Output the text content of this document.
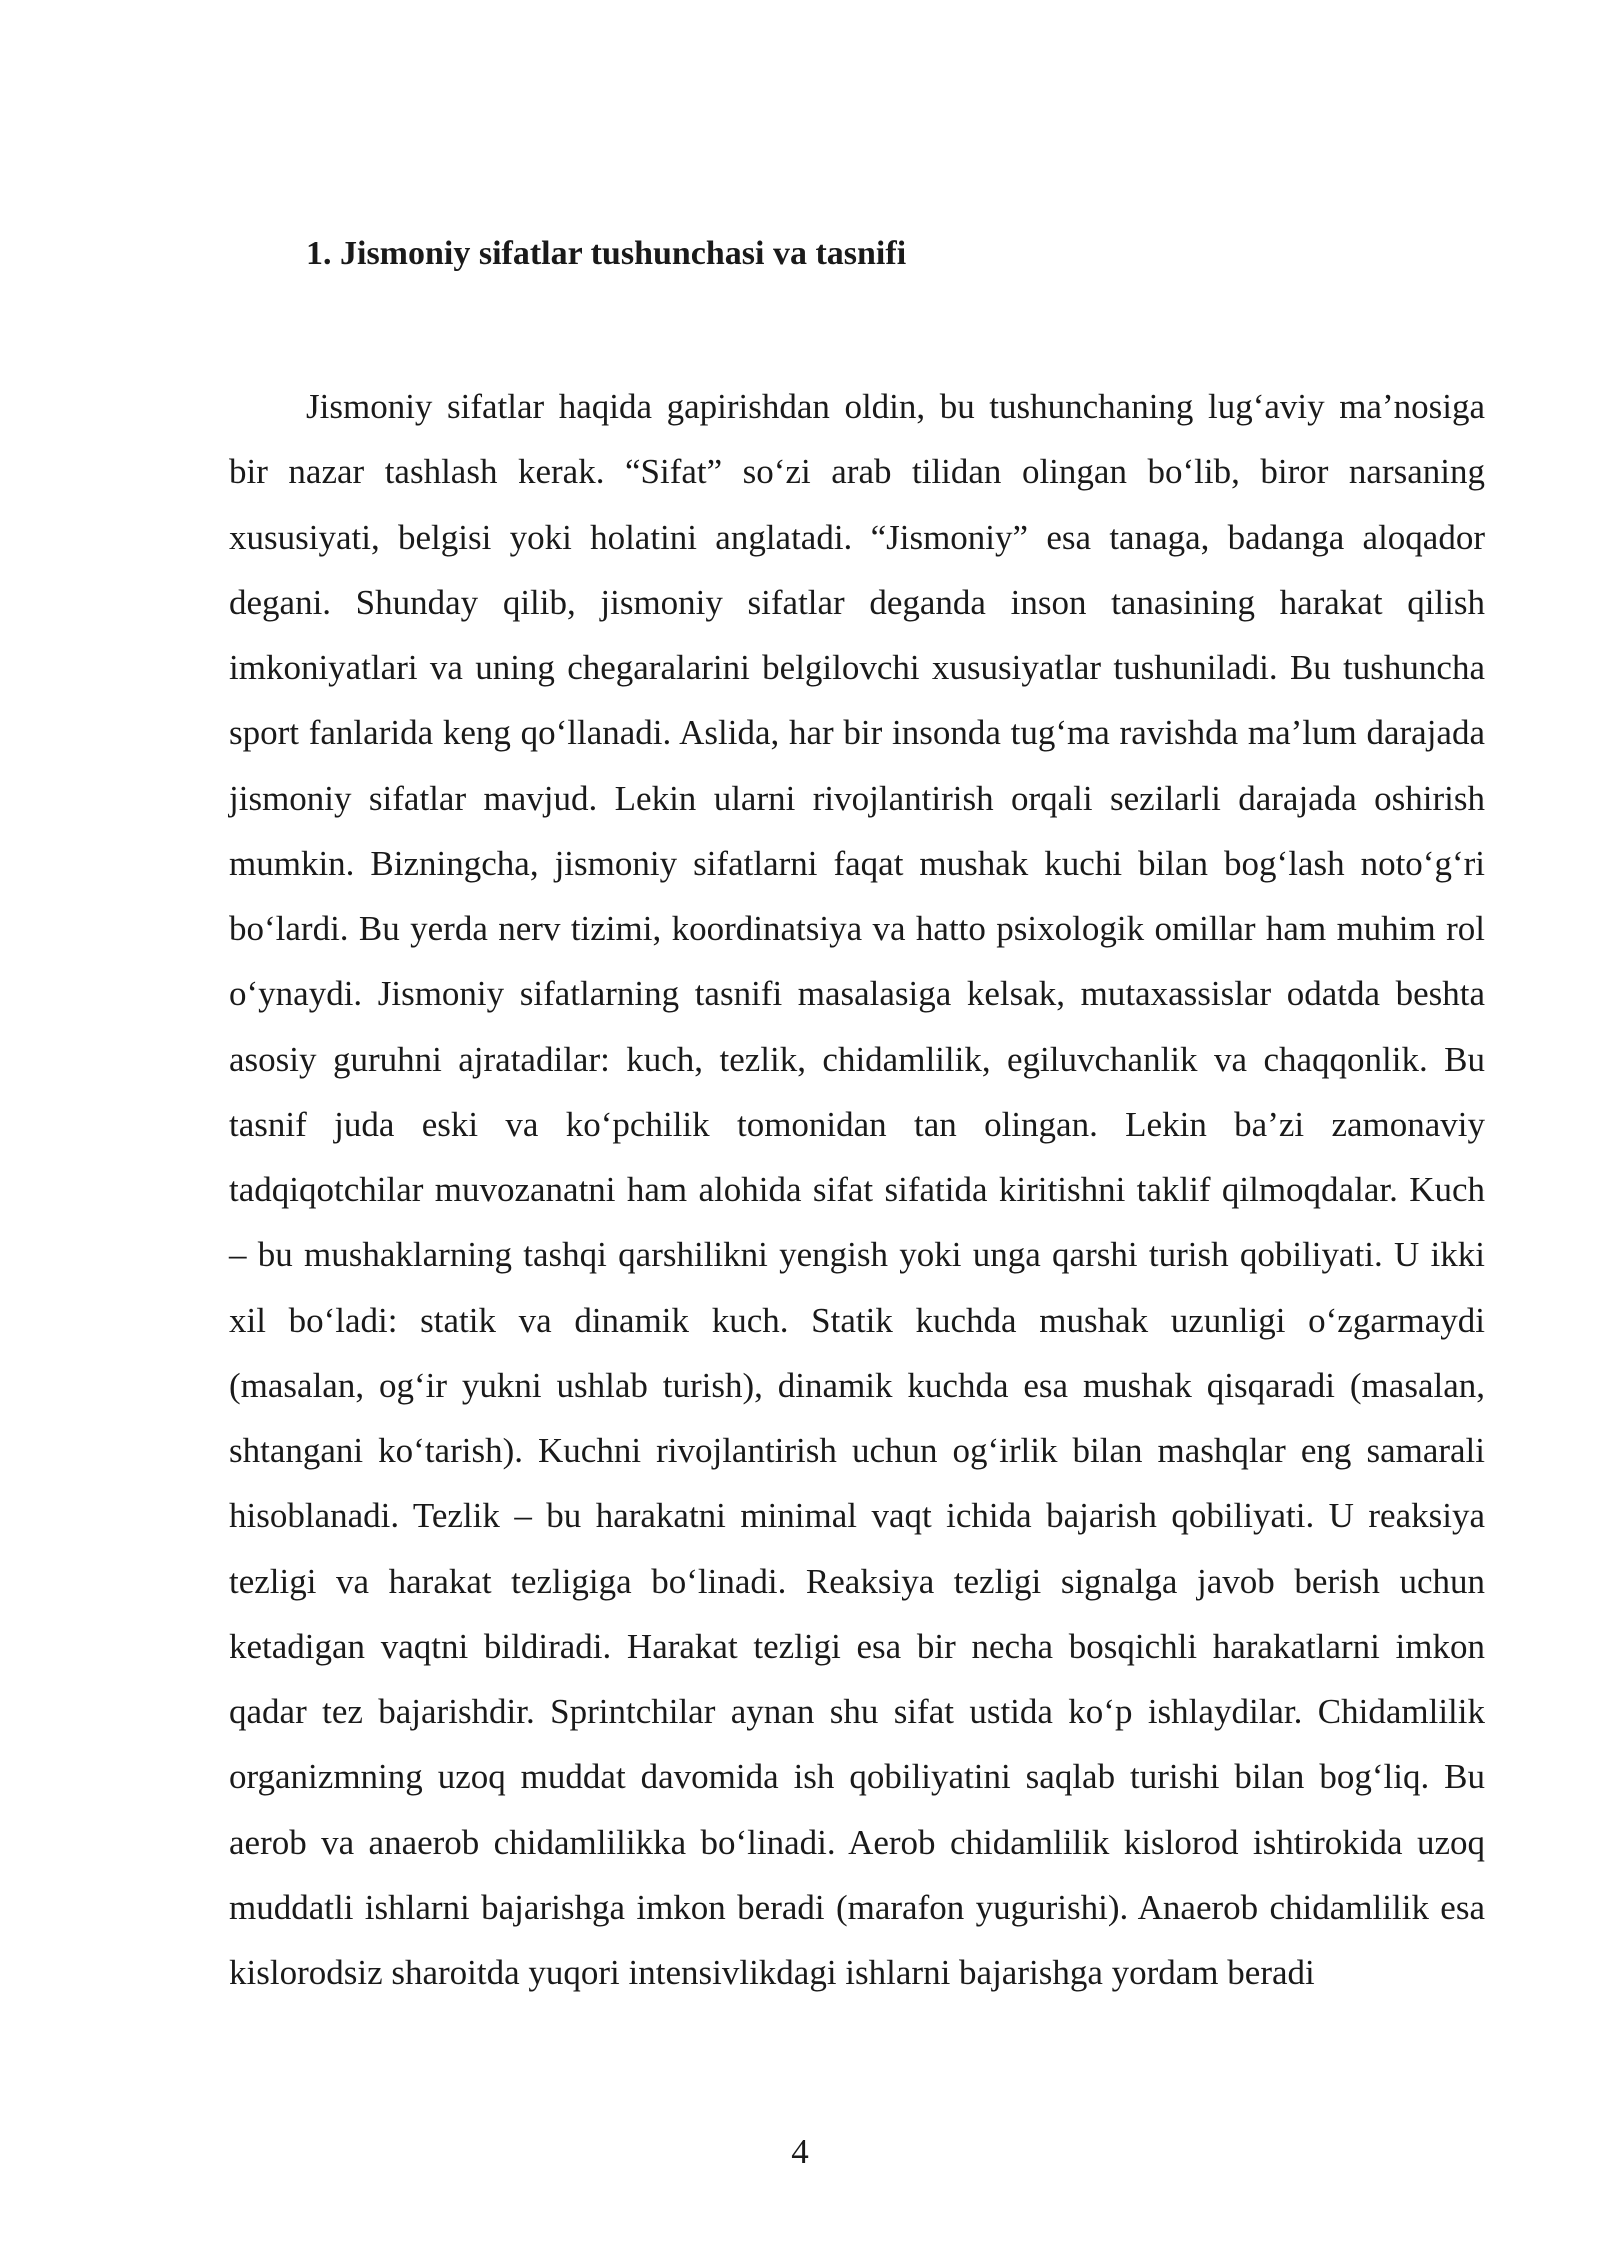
1. Jismoniy sifatlar tushunchasi va tasnifi

Jismoniy sifatlar haqida gapirishdan oldin, bu tushunchaning lug‘aviy ma’nosiga bir nazar tashlash kerak. “Sifat” so‘zi arab tilidan olingan bo‘lib, biror narsaning xususiyati, belgisi yoki holatini anglatadi. “Jismoniy” esa tanaga, badanga aloqador degani. Shunday qilib, jismoniy sifatlar deganda inson tanasining harakat qilish imkoniyatlari va uning chegaralarini belgilovchi xususiyatlar tushuniladi. Bu tushuncha sport fanlarida keng qo‘llanadi. Aslida, har bir insonda tug‘ma ravishda ma’lum darajada jismoniy sifatlar mavjud. Lekin ularni rivojlantirish orqali sezilarli darajada oshirish mumkin. Bizningcha, jismoniy sifatlarni faqat mushak kuchi bilan bog‘lash noto‘g‘ri bo‘lardi. Bu yerda nerv tizimi, koordinatsiya va hatto psixologik omillar ham muhim rol o‘ynaydi. Jismoniy sifatlarning tasnifi masalasiga kelsak, mutaxassislar odatda beshta asosiy guruhni ajratadilar: kuch, tezlik, chidamlilik, egiluvchanlik va chaqqonlik. Bu tasnif juda eski va ko‘pchilik tomonidan tan olingan. Lekin ba’zi zamonaviy tadqiqotchilar muvozanatni ham alohida sifat sifatida kiritishni taklif qilmoqdalar. Kuch – bu mushaklarning tashqi qarshilikni yengish yoki unga qarshi turish qobiliyati. U ikki xil bo‘ladi: statik va dinamik kuch. Statik kuchda mushak uzunligi o‘zgarmaydi (masalan, og‘ir yukni ushlab turish), dinamik kuchda esa mushak qisqaradi (masalan, shtangani ko‘tarish). Kuchni rivojlantirish uchun og‘irlik bilan mashqlar eng samarali hisoblanadi. Tezlik – bu harakatni minimal vaqt ichida bajarish qobiliyati. U reaksiya tezligi va harakat tezligiga bo‘linadi. Reaksiya tezligi signalga javob berish uchun ketadigan vaqtni bildiradi. Harakat tezligi esa bir necha bosqichli harakatlarni imkon qadar tez bajarishdir. Sprintchilar aynan shu sifat ustida ko‘p ishlaydilar. Chidamlilik organizmning uzoq muddat davomida ish qobiliyatini saqlab turishi bilan bog‘liq. Bu aerob va anaerob chidamlilikka bo‘linadi. Aerob chidamlilik kislorod ishtirokida uzoq muddatli ishlarni bajarishga imkon beradi (marafon yugurishi). Anaerob chidamlilik esa kislorodsiz sharoitda yuqori intensivlikdagi ishlarni bajarishga yordam beradi

4
